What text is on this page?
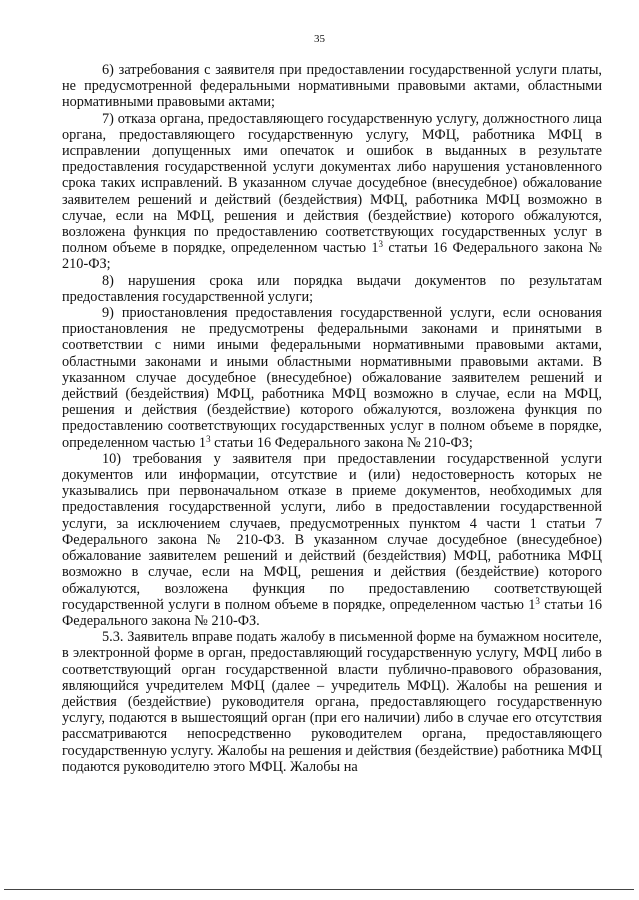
35

6) затребования с заявителя при предоставлении государственной услуги платы, не предусмотренной федеральными нормативными правовыми актами, областными нормативными правовыми актами;

7) отказа органа, предоставляющего государственную услугу, должностного лица органа, предоставляющего государственную услугу, МФЦ, работника МФЦ в исправлении допущенных ими опечаток и ошибок в выданных в результате предоставления государственной услуги документах либо нарушения установленного срока таких исправлений. В указанном случае досудебное (внесудебное) обжалование заявителем решений и действий (бездействия) МФЦ, работника МФЦ возможно в случае, если на МФЦ, решения и действия (бездействие) которого обжалуются, возложена функция по предоставлению соответствующих государственных услуг в полном объеме в порядке, определенном частью $1^3$ статьи 16 Федерального закона № 210-ФЗ;

8) нарушения срока или порядка выдачи документов по результатам предоставления государственной услуги;

9) приостановления предоставления государственной услуги, если основания приостановления не предусмотрены федеральными законами и принятыми в соответствии с ними иными федеральными нормативными правовыми актами, областными законами и иными областными нормативными правовыми актами. В указанном случае досудебное (внесудебное) обжалование заявителем решений и действий (бездействия) МФЦ, работника МФЦ возможно в случае, если на МФЦ, решения и действия (бездействие) которого обжалуются, возложена функция по предоставлению соответствующих государственных услуг в полном объеме в порядке, определенном частью $1^3$ статьи 16 Федерального закона № 210-ФЗ;

10) требования у заявителя при предоставлении государственной услуги документов или информации, отсутствие и (или) недостоверность которых не указывались при первоначальном отказе в приеме документов, необходимых для предоставления государственной услуги, либо в предоставлении государственной услуги, за исключением случаев, предусмотренных пунктом 4 части 1 статьи 7 Федерального закона № 210-ФЗ. В указанном случае досудебное (внесудебное) обжалование заявителем решений и действий (бездействия) МФЦ, работника МФЦ возможно в случае, если на МФЦ, решения и действия (бездействие) которого обжалуются, возложена функция по предоставлению соответствующей государственной услуги в полном объеме в порядке, определенном частью $1^3$ статьи 16 Федерального закона № 210-ФЗ.

5.3. Заявитель вправе подать жалобу в письменной форме на бумажном носителе, в электронной форме в орган, предоставляющий государственную услугу, МФЦ либо в соответствующий орган государственной власти публично-правового образования, являющийся учредителем МФЦ (далее – учредитель МФЦ). Жалобы на решения и действия (бездействие) руководителя органа, предоставляющего государственную услугу, подаются в вышестоящий орган (при его наличии) либо в случае его отсутствия рассматриваются непосредственно руководителем органа, предоставляющего государственную услугу. Жалобы на решения и действия (бездействие) работника МФЦ подаются руководителю этого МФЦ. Жалобы на
